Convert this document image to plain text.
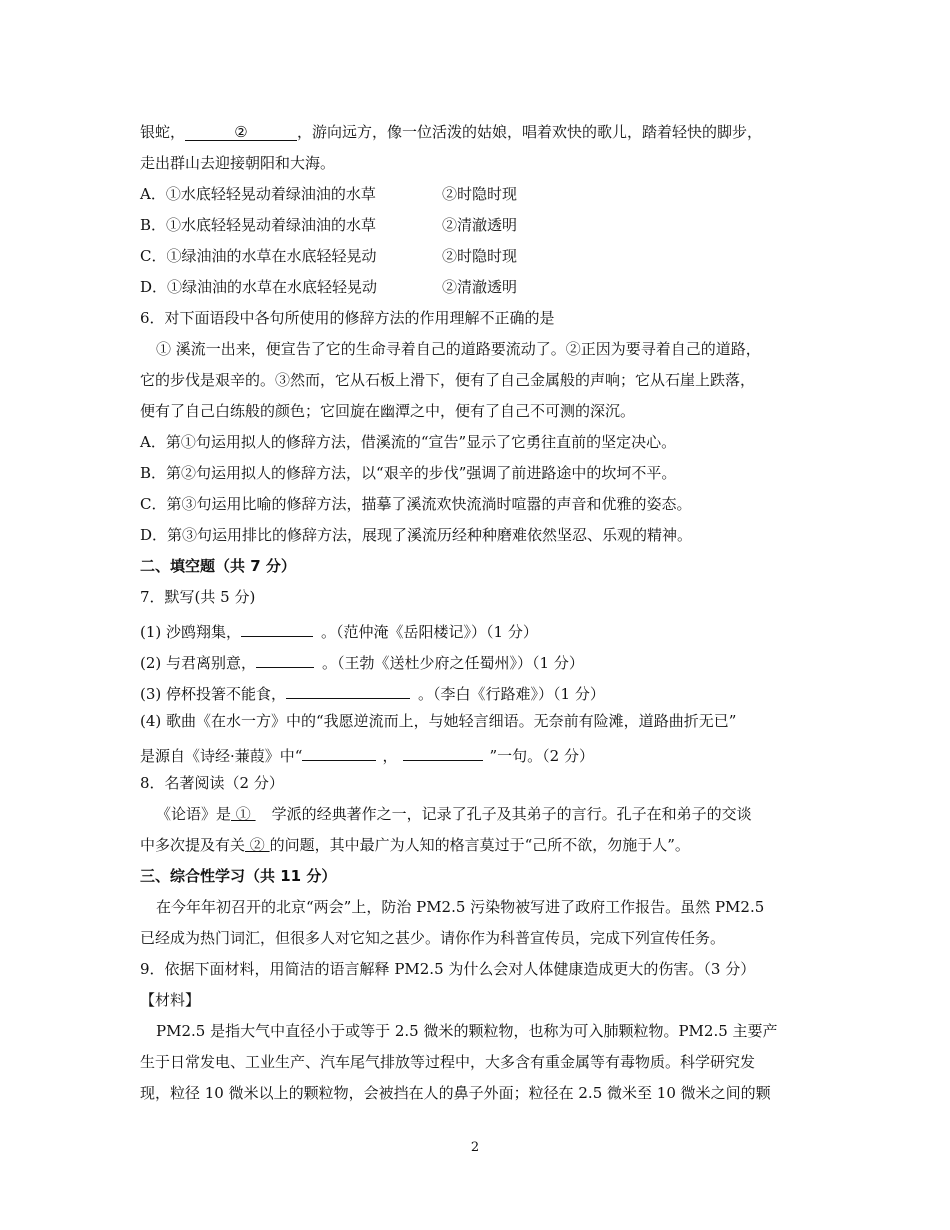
银蛇，	②	，游向远方，像一位活泼的姑娘，唱着欢快的歌儿，踏着轻快的脚步，
走出群山去迎接朝阳和大海。
A．①水底轻轻晃动着绿油油的水草	②时隐时现
B．①水底轻轻晃动着绿油油的水草	②清澈透明
C．①绿油油的水草在水底轻轻晃动	②时隐时现
D．①绿油油的水草在水底轻轻晃动	②清澈透明
6．对下面语段中各句所使用的修辞方法的作用理解不正确的是
① 溪流一出来，便宣告了它的生命寻着自己的道路要流动了。②正因为要寻着自己的道路，
它的步伐是艰辛的。③然而，它从石板上滑下，便有了自己金属般的声响；它从石崖上跌落，
便有了自己白练般的颜色；它回旋在幽潭之中，便有了自己不可测的深沉。
A．第①句运用拟人的修辞方法，借溪流的“宣告”显示了它勇往直前的坚定决心。
B．第②句运用拟人的修辞方法，以“艰辛的步伐”强调了前进路途中的坎坷不平。
C．第③句运用比喻的修辞方法，描摹了溪流欢快流淌时喧嚣的声音和优雅的姿态。
D．第③句运用排比的修辞方法，展现了溪流历经种种磨难依然坚忍、乐观的精神。
二、填空题（共 7 分）
7．默写(共 5 分)
(1) 沙鸥翔集，	。（范仲淹《岳阳楼记》）（1 分）
(2) 与君离别意，	。（王勃《送杜少府之任蜀州》）（1 分）
(3) 停杯投箸不能食，	。（李白《行路难》）（1 分）
(4) 歌曲《在水一方》中的“我愿逆流而上，与她轻言细语。无奈前有险滩，道路曲折无已”
是源自《诗经·蒹葭》中“	，	”一句。（2 分）
8．名著阅读（2 分）
《论语》是 ① 学派的经典著作之一，记录了孔子及其弟子的言行。孔子在和弟子的交谈
中多次提及有关 ② 的问题，其中最广为人知的格言莫过于“己所不欲，勿施于人”。
三、综合性学习（共 11 分）
在今年年初召开的北京“两会”上，防治 PM2.5 污染物被写进了政府工作报告。虽然 PM2.5
已经成为热门词汇，但很多人对它知之甚少。请你作为科普宣传员，完成下列宣传任务。
9．依据下面材料，用简洁的语言解释 PM2.5 为什么会对人体健康造成更大的伤害。（3 分）
【材料】
PM2.5 是指大气中直径小于或等于 2.5 微米的颗粒物，也称为可入肺颗粒物。PM2.5 主要产
生于日常发电、工业生产、汽车尾气排放等过程中，大多含有重金属等有毒物质。科学研究发
现，粒径 10 微米以上的颗粒物，会被挡在人的鼻子外面；粒径在 2.5 微米至 10 微米之间的颗
2
